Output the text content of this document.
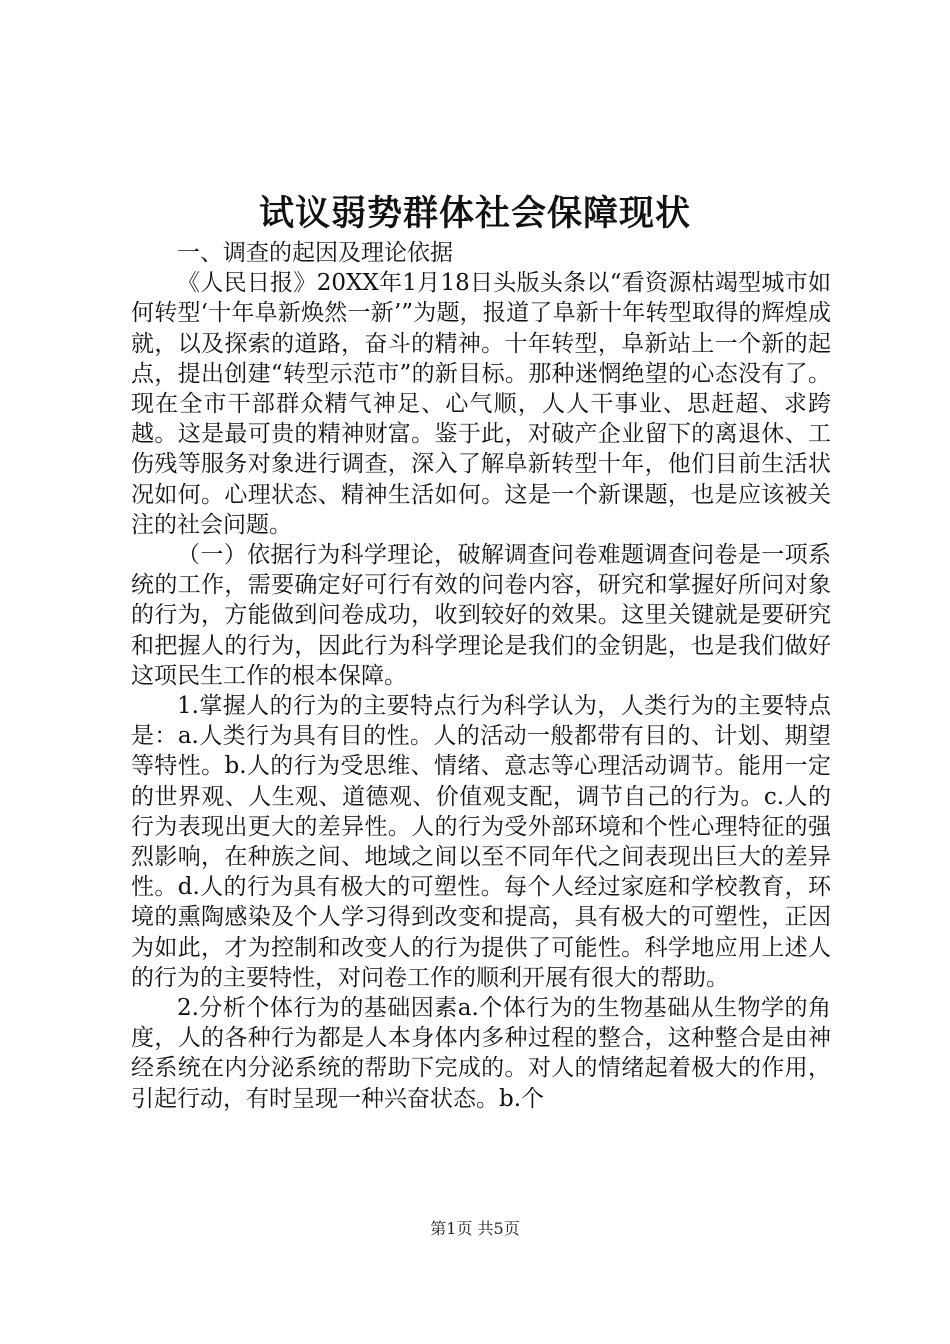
试议弱势群体社会保障现状

一、调查的起因及理论依据

《人民日报》20XX年1月18日头版头条以“看资源枯竭型城市如何转型‘十年阜新焕然一新’”为题，报道了阜新十年转型取得的辉煌成就，以及探索的道路，奋斗的精神。十年转型，阜新站上一个新的起点，提出创建“转型示范市”的新目标。那种迷惘绝望的心态没有了。现在全市干部群众精气神足、心气顺，人人干事业、思赶超、求跨越。这是最可贵的精神财富。鉴于此，对破产企业留下的离退休、工伤残等服务对象进行调查，深入了解阜新转型十年，他们目前生活状况如何。心理状态、精神生活如何。这是一个新课题，也是应该被关注的社会问题。

（一）依据行为科学理论，破解调查问卷难题调查问卷是一项系统的工作，需要确定好可行有效的问卷内容，研究和掌握好所问对象的行为，方能做到问卷成功，收到较好的效果。这里关键就是要研究和把握人的行为，因此行为科学理论是我们的金钥匙，也是我们做好这项民生工作的根本保障。

1.掌握人的行为的主要特点行为科学认为，人类行为的主要特点是：a.人类行为具有目的性。人的活动一般都带有目的、计划、期望等特性。b.人的行为受思维、情绪、意志等心理活动调节。能用一定的世界观、人生观、道德观、价值观支配，调节自己的行为。c.人的行为表现出更大的差异性。人的行为受外部环境和个性心理特征的强烈影响，在种族之间、地域之间以至不同年代之间表现出巨大的差异性。d.人的行为具有极大的可塑性。每个人经过家庭和学校教育，环境的熏陶感染及个人学习得到改变和提高，具有极大的可塑性，正因为如此，才为控制和改变人的行为提供了可能性。科学地应用上述人的行为的主要特性，对问卷工作的顺利开展有很大的帮助。

2.分析个体行为的基础因素a.个体行为的生物基础从生物学的角度，人的各种行为都是人本身体内多种过程的整合，这种整合是由神经系统在内分泌系统的帮助下完成的。对人的情绪起着极大的作用，引起行动，有时呈现一种兴奋状态。b.个

第1页 共5页
